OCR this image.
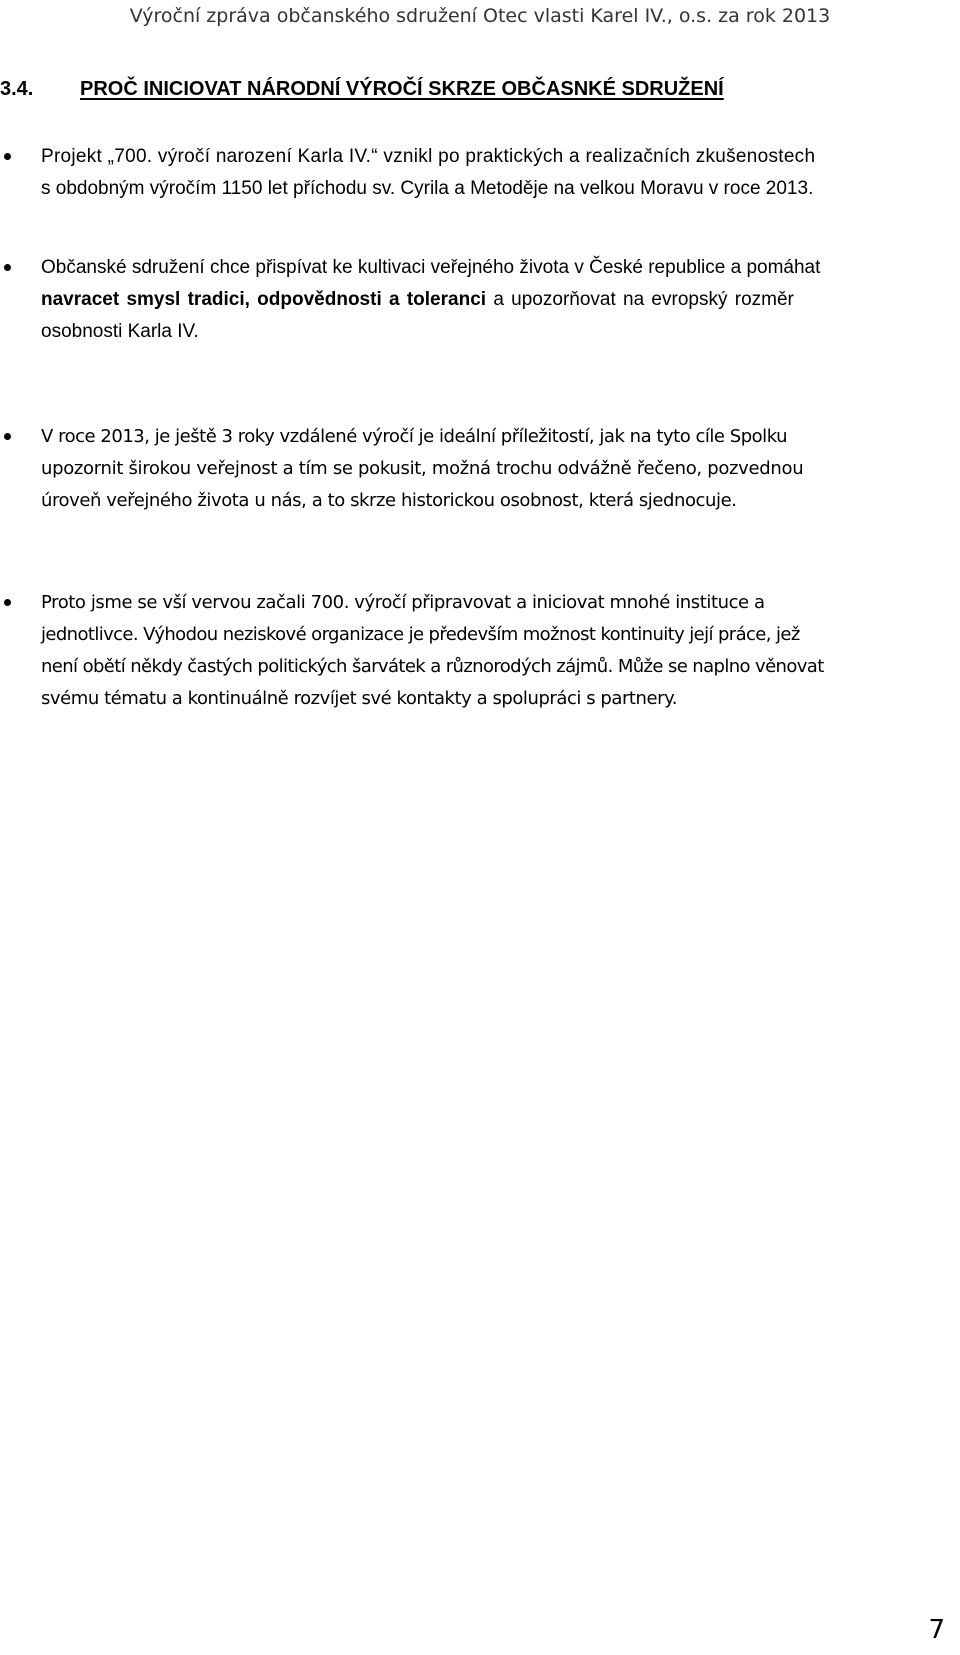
Výroční zpráva občanského sdružení Otec vlasti Karel IV., o.s. za rok 2013
3.4. PROČ INICIOVAT NÁRODNÍ VÝROČÍ SKRZE OBČASNKÉ SDRUŽENÍ
Projekt „700. výročí narození Karla IV.“ vznikl po praktických a realizačních zkušenostech
s obdobným výročím 1150 let příchodu sv. Cyrila a Metoděje na velkou Moravu v roce 2013.
Občanské sdružení chce přispívat ke kultivaci veřejného života v České republice a pomáhat
navracet smysl tradici, odpovědnosti a toleranci a upozorňovat na evropský rozměr
osobnosti Karla IV.
V roce 2013, je ještě 3 roky vzdálené výročí je ideální příležitostí, jak na tyto cíle Spolku
upozornit širokou veřejnost a tím se pokusit, možná trochu odvážně řečeno, pozvednou
úroveň veřejného života u nás, a to skrze historickou osobnost, která sjednocuje.
Proto jsme se vší vervou začali 700. výročí připravovat a iniciovat mnohé instituce a
jednotlivce. Výhodou neziskové organizace je především možnost kontinuity její práce, jež
není obětí někdy častých politických šarvátek a různorodých zájmů. Může se naplno věnovat
svému tématu a kontinuálně rozvíjet své kontakty a spolupráci s partnery.
7
